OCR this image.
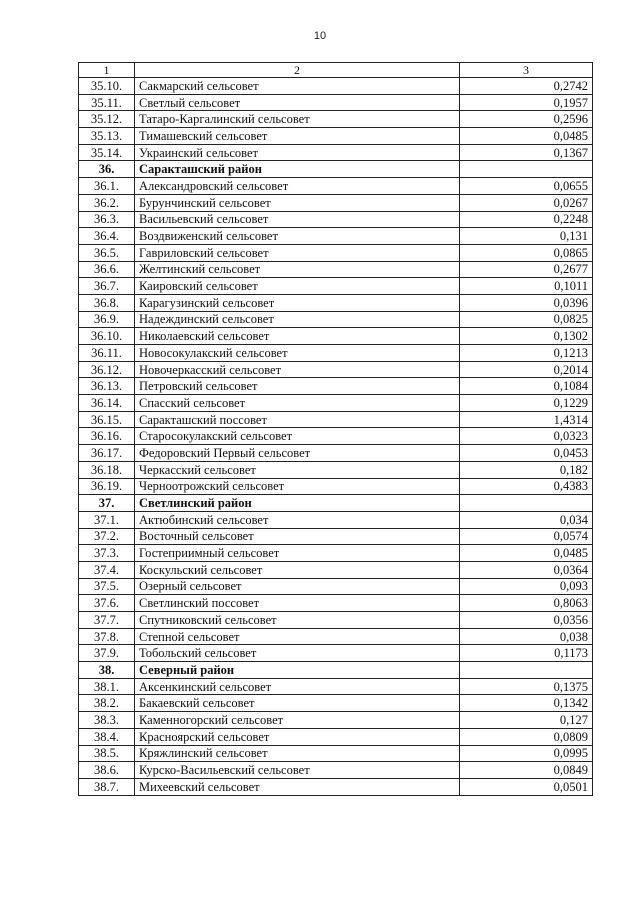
10
1	2	3
35.10.	Сакмарский сельсовет	0,2742
35.11.	Светлый сельсовет	0,1957
35.12.	Татаро-Каргалинский сельсовет	0,2596
35.13.	Тимашевский сельсовет	0,0485
35.14.	Украинский сельсовет	0,1367
36.	Саракташский район	
36.1.	Александровский сельсовет	0,0655
36.2.	Бурунчинский сельсовет	0,0267
36.3.	Васильевский сельсовет	0,2248
36.4.	Воздвиженский сельсовет	0,131
36.5.	Гавриловский сельсовет	0,0865
36.6.	Желтинский сельсовет	0,2677
36.7.	Каировский сельсовет	0,1011
36.8.	Карагузинский сельсовет	0,0396
36.9.	Надеждинский сельсовет	0,0825
36.10.	Николаевский сельсовет	0,1302
36.11.	Новосокулакский сельсовет	0,1213
36.12.	Новочеркасский сельсовет	0,2014
36.13.	Петровский сельсовет	0,1084
36.14.	Спасский сельсовет	0,1229
36.15.	Саракташский поссовет	1,4314
36.16.	Старосокулакский сельсовет	0,0323
36.17.	Федоровский Первый сельсовет	0,0453
36.18.	Черкасский сельсовет	0,182
36.19.	Черноотрожский сельсовет	0,4383
37.	Светлинский район	
37.1.	Актюбинский сельсовет	0,034
37.2.	Восточный сельсовет	0,0574
37.3.	Гостеприимный сельсовет	0,0485
37.4.	Коскульский сельсовет	0,0364
37.5.	Озерный сельсовет	0,093
37.6.	Светлинский поссовет	0,8063
37.7.	Спутниковский сельсовет	0,0356
37.8.	Степной сельсовет	0,038
37.9.	Тобольский сельсовет	0,1173
38.	Северный район	
38.1.	Аксенкинский сельсовет	0,1375
38.2.	Бакаевский сельсовет	0,1342
38.3.	Каменногорский сельсовет	0,127
38.4.	Красноярский сельсовет	0,0809
38.5.	Кряжлинский сельсовет	0,0995
38.6.	Курско-Васильевский сельсовет	0,0849
38.7.	Михеевский сельсовет	0,0501
